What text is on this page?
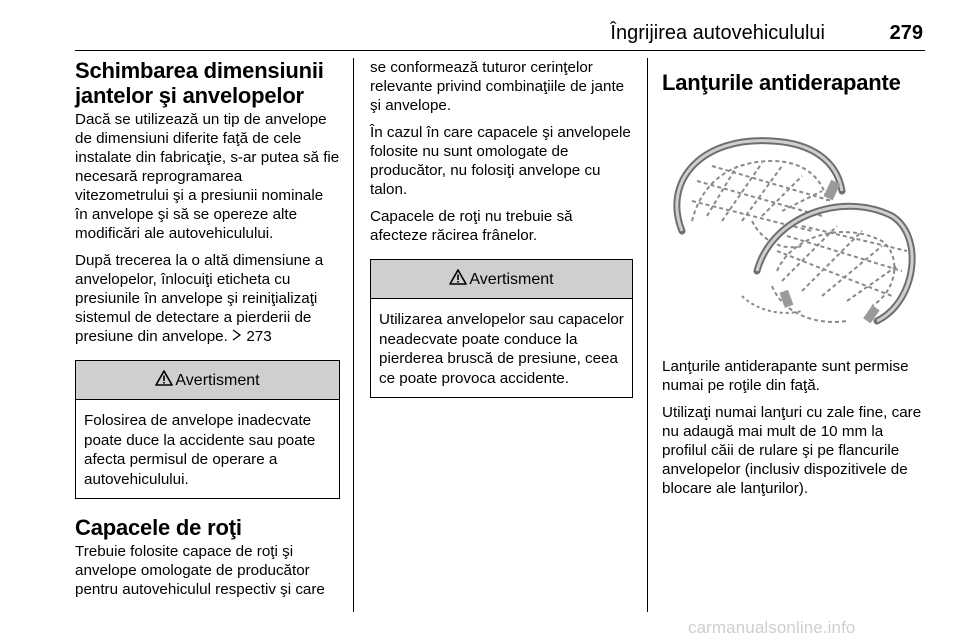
Îngrijirea autovehiculului	279
Schimbarea dimensiunii jantelor şi anvelopelor

Dacă se utilizează un tip de anvelope de dimensiuni diferite faţă de cele instalate din fabricaţie, s-ar putea să fie necesară reprogramarea vitezometrului şi a presiunii nominale în anvelope şi să se opereze alte modificări ale autovehiculului.

După trecerea la o altă dimensiune a anvelopelor, înlocuiţi eticheta cu presiunile în anvelope şi reiniţializaţi sistemul de detectare a pierderii de presiune din anvelope. 273

Avertisment
Folosirea de anvelope inadecvate poate duce la accidente sau poate afecta permisul de operare a autovehiculului.
Capacele de roţi

Trebuie folosite capace de roţi şi anvelope omologate de producător pentru autovehiculul respectiv şi care

se conformează tuturor cerinţelor relevante privind combinaţiile de jante şi anvelope.

În cazul în care capacele şi anvelopele folosite nu sunt omologate de producător, nu folosiţi anvelope cu talon.

Capacele de roţi nu trebuie să afecteze răcirea frânelor.

Avertisment
Utilizarea anvelopelor sau capacelor neadecvate poate conduce la pierderea bruscă de presiune, ceea ce poate provoca accidente.
Lanţurile antiderapante

Lanţurile antiderapante sunt permise numai pe roţile din faţă.

Utilizaţi numai lanţuri cu zale fine, care nu adaugă mai mult de 10 mm la profilul căii de rulare şi pe flancurile anvelopelor (inclusiv dispozitivele de blocare ale lanţurilor).

carmanualsonline.info
